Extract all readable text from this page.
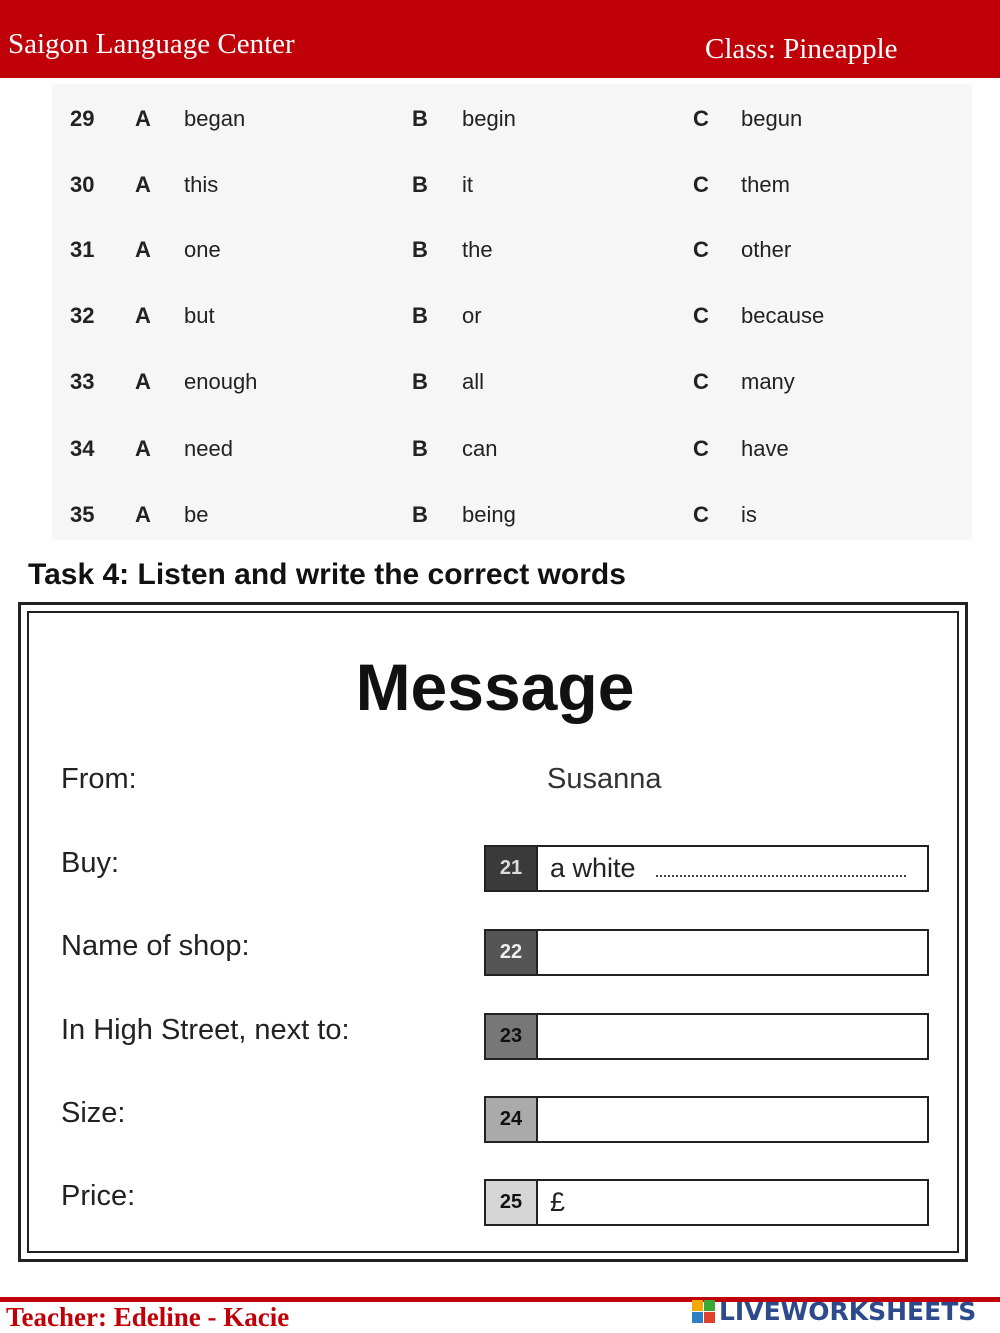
Saigon Language Center	Class: Pineapple
29 A began	B begin	C begun
30 A this	B it	C them
31 A one	B the	C other
32 A but	B or	C because
33 A enough	B all	C many
34 A need	B can	C have
35 A be	B being	C is
Task 4: Listen and write the correct words
Message
From:	Susanna
Buy:	21	a white
Name of shop:	22
In High Street, next to:	23
Size:	24
Price:	25	£
Teacher: Edeline - Kacie	LIVEWORKSHEETS
